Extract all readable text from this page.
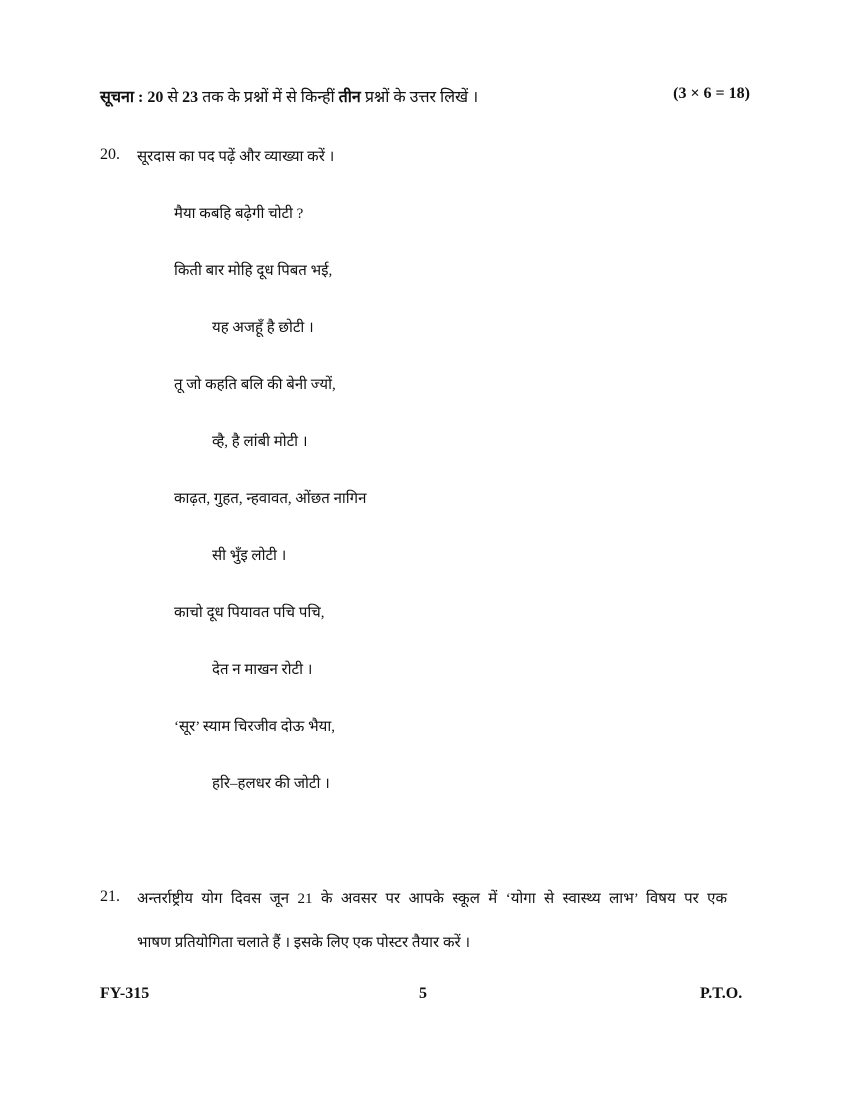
सूचना : 20 से 23 तक के प्रश्नों में से किन्हीं तीन प्रश्नों के उत्तर लिखें ।	(3 × 6 = 18)
20. सूरदास का पद पढ़ें और व्याख्या करें ।
मैया कबहि बढ़ेगी चोटी ?
किती बार मोहि दूध पिबत भई,
यह अजहूँ है छोटी ।
तू जो कहति बलि की बेनी ज्यों,
व्है, है लांबी मोटी ।
काढ़त, गुहत, न्हवावत, ओंछत नागिन
सी भुँइ लोटी ।
काचो दूध पियावत पचि पचि,
देत न माखन रोटी ।
‘सूर’ स्याम चिरजीव दोऊ भैया,
हरि–हलधर की जोटी ।
21. अन्तर्राष्ट्रीय योग दिवस जून 21 के अवसर पर आपके स्कूल में ‘योगा से स्वास्थ्य लाभ’ विषय पर एक
भाषण प्रतियोगिता चलाते हैं । इसके लिए एक पोस्टर तैयार करें ।
FY-315	5	P.T.O.
